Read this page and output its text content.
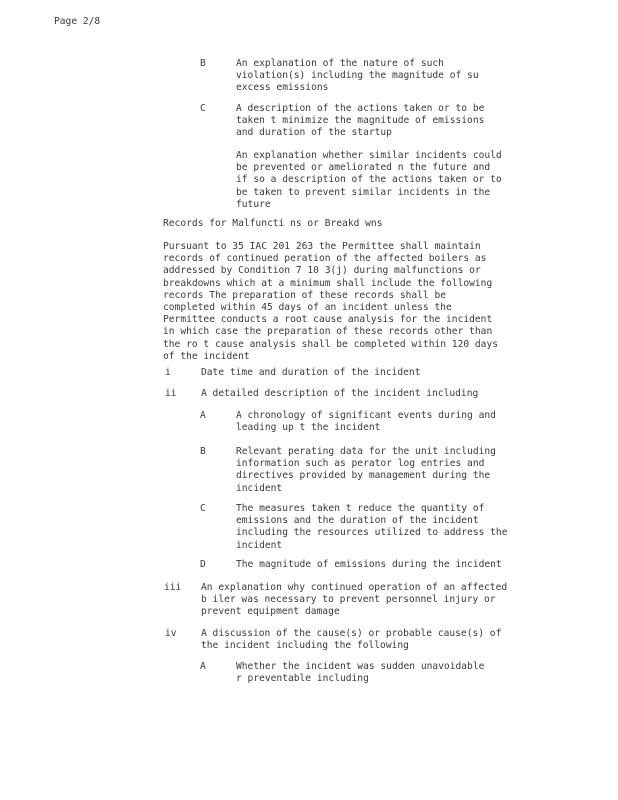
Page 2/8
B	An explanation of the nature of such
violation(s) including the magnitude of su
excess emissions
C	A description of the actions taken or to be
taken t minimize the magnitude of emissions
and duration of the startup
An explanation whether similar incidents could
be prevented or ameliorated n the future and
if so a description of the actions taken or to
be taken to prevent similar incidents in the
future
Records for Malfuncti ns or Breakd wns
Pursuant to 35 IAC 201 263 the Permittee shall maintain
records of continued peration of the affected boilers as
addressed by Condition 7 10 3(j) during malfunctions or
breakdowns which at a minimum shall include the following
records The preparation of these records shall be
completed within 45 days of an incident unless the
Permittee conducts a root cause analysis for the incident
in which case the preparation of these records other than
the ro t cause analysis shall be completed within 120 days
of the incident
i	Date time and duration of the incident
ii	A detailed description of the incident including
A	A chronology of significant events during and
leading up t the incident
B	Relevant perating data for the unit including
information such as perator log entries and
directives provided by management during the
incident
C	The measures taken t reduce the quantity of
emissions and the duration of the incident
including the resources utilized to address the
incident
D	The magnitude of emissions during the incident
iii An explanation why continued operation of an affected
b iler was necessary to prevent personnel injury or
prevent equipment damage
iv	A discussion of the cause(s) or probable cause(s) of
the incident including the following
A	Whether the incident was sudden unavoidable
r preventable including
